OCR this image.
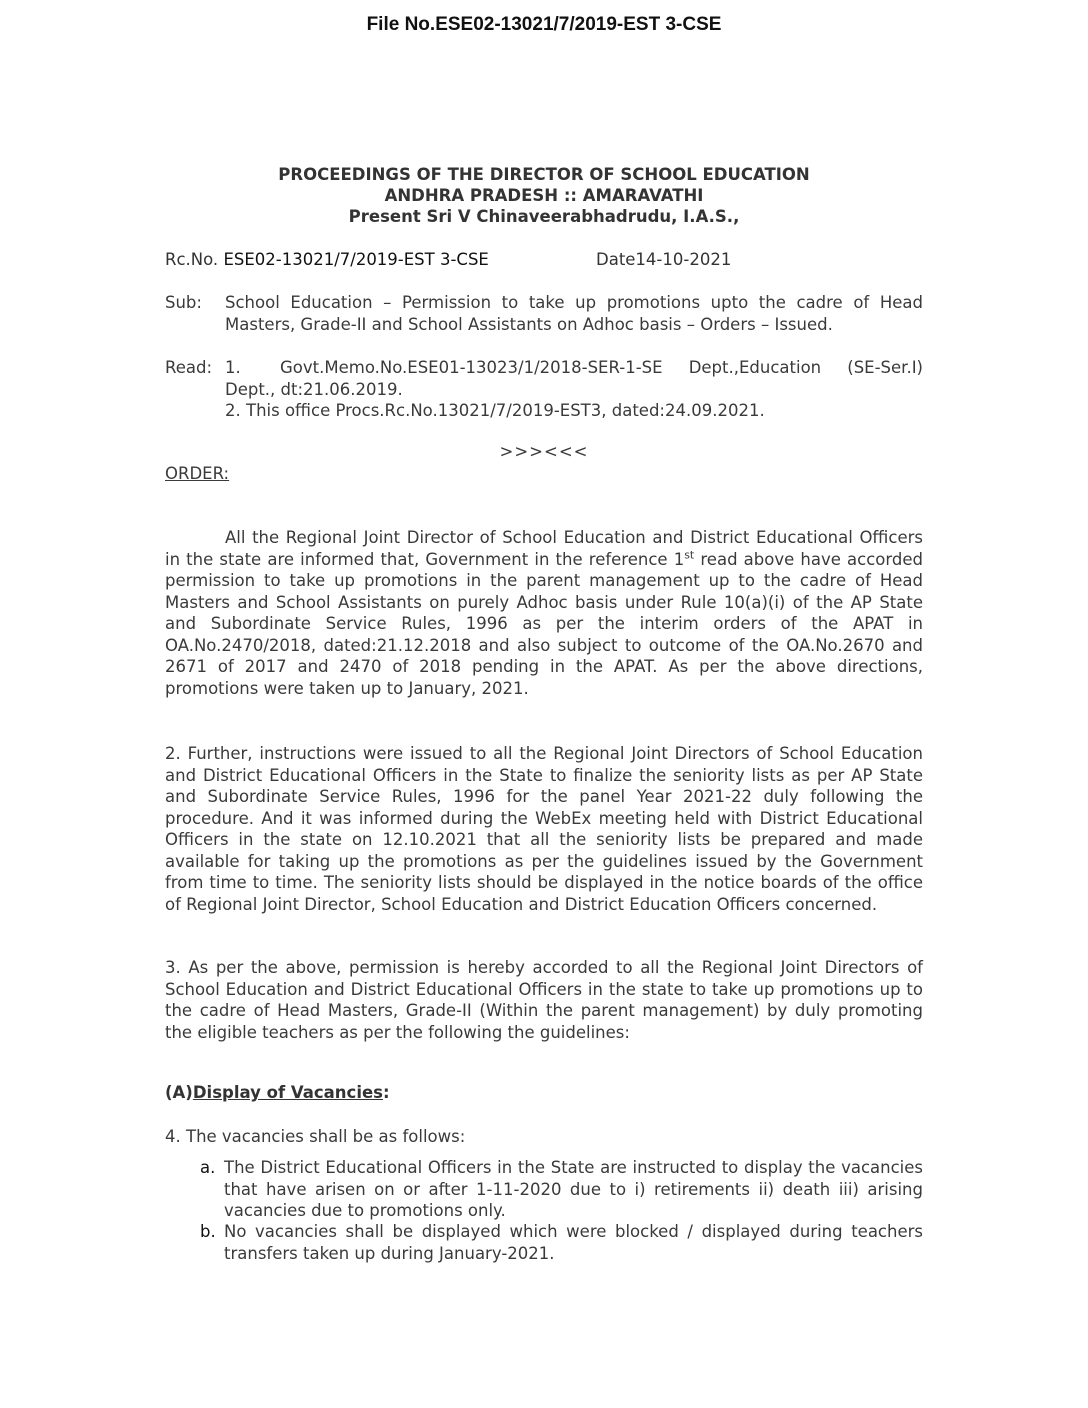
File No.ESE02-13021/7/2019-EST 3-CSE
PROCEEDINGS OF THE DIRECTOR OF SCHOOL EDUCATION
ANDHRA PRADESH :: AMARAVATHI
Present Sri V Chinaveerabhadrudu, I.A.S.,
Rc.No. ESE02-13021/7/2019-EST 3-CSE	Date14-10-2021
Sub: School Education – Permission to take up promotions upto the cadre of Head Masters, Grade-II and School Assistants on Adhoc basis – Orders – Issued.
Read: 1.	Govt.Memo.No.ESE01-13023/1/2018-SER-1-SE Dept.,Education (SE-Ser.I) Dept., dt:21.06.2019.
2. This office Procs.Rc.No.13021/7/2019-EST3, dated:24.09.2021.
>>><<<
ORDER:
All the Regional Joint Director of School Education and District Educational Officers in the state are informed that, Government in the reference 1st read above have accorded permission to take up promotions in the parent management up to the cadre of Head Masters and School Assistants on purely Adhoc basis under Rule 10(a)(i) of the AP State and Subordinate Service Rules, 1996 as per the interim orders of the APAT in OA.No.2470/2018, dated:21.12.2018 and also subject to outcome of the OA.No.2670 and 2671 of 2017 and 2470 of 2018 pending in the APAT. As per the above directions, promotions were taken up to January, 2021.
2. Further, instructions were issued to all the Regional Joint Directors of School Education and District Educational Officers in the State to finalize the seniority lists as per AP State and Subordinate Service Rules, 1996 for the panel Year 2021-22 duly following the procedure. And it was informed during the WebEx meeting held with District Educational Officers in the state on 12.10.2021 that all the seniority lists be prepared and made available for taking up the promotions as per the guidelines issued by the Government from time to time. The seniority lists should be displayed in the notice boards of the office of Regional Joint Director, School Education and District Education Officers concerned.
3. As per the above, permission is hereby accorded to all the Regional Joint Directors of School Education and District Educational Officers in the state to take up promotions up to the cadre of Head Masters, Grade-II (Within the parent management) by duly promoting the eligible teachers as per the following the guidelines:
(A)Display of Vacancies:
4. The vacancies shall be as follows:
a. The District Educational Officers in the State are instructed to display the vacancies that have arisen on or after 1-11-2020 due to i) retirements ii) death iii) arising vacancies due to promotions only.
b. No vacancies shall be displayed which were blocked / displayed during teachers transfers taken up during January-2021.
